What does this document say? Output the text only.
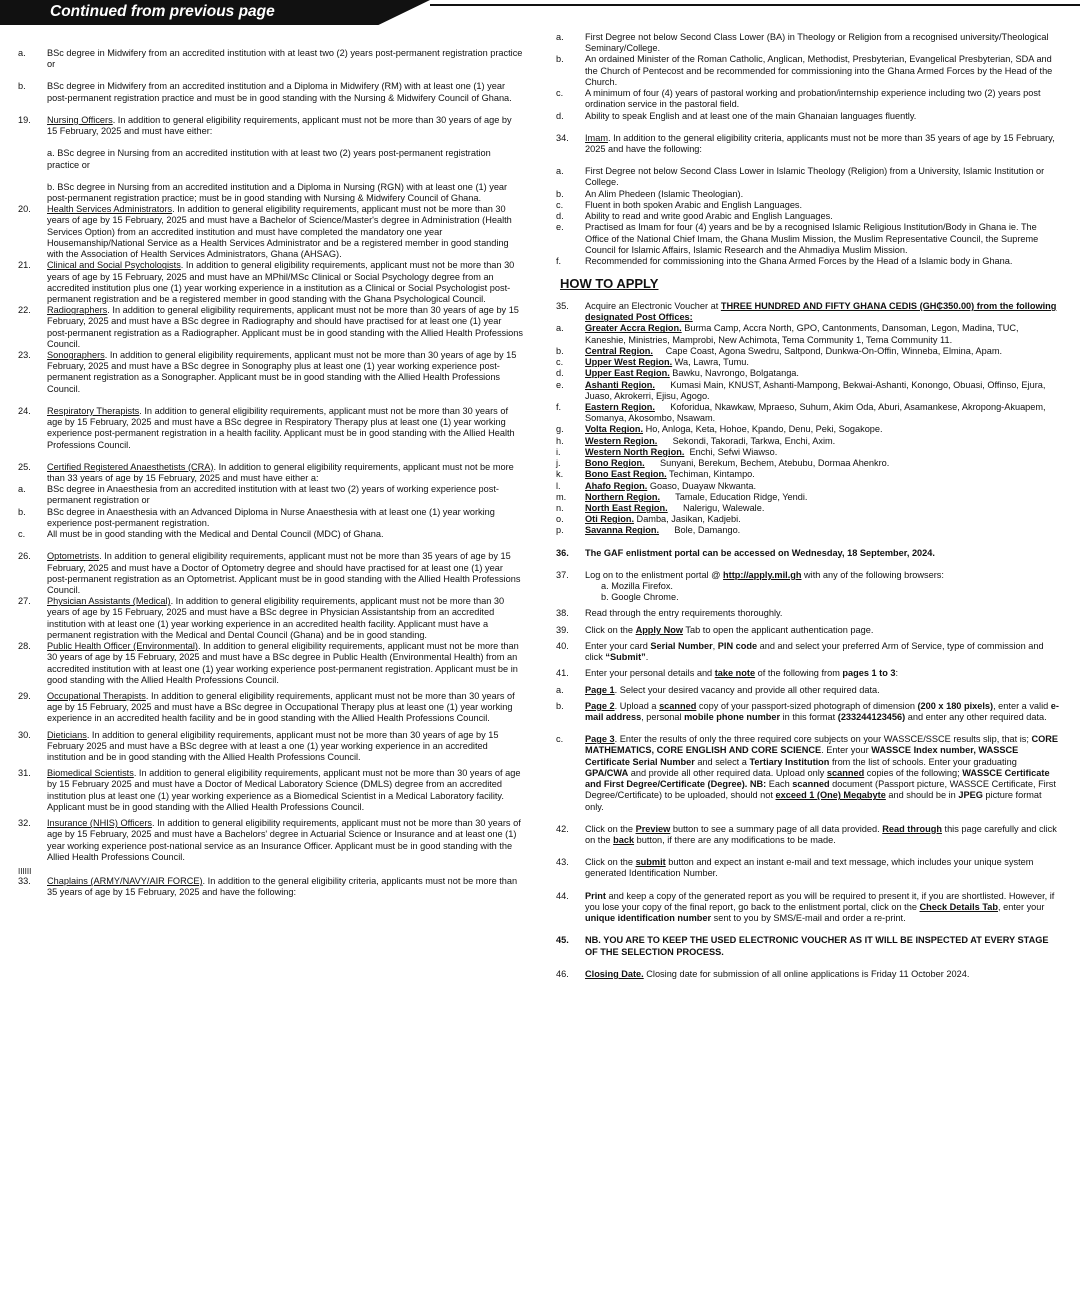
Continued from previous page
a.	BSc degree in Midwifery from an accredited institution with at least two (2) years post-permanent registration practice or
b.	BSc degree in Midwifery from an accredited institution and a Diploma in Midwifery (RM) with at least one (1) year post-permanent registration practice and must be in good standing with the Nursing & Midwifery Council of Ghana.
19.	Nursing Officers. In addition to general eligibility requirements, applicant must not be more than 30 years of age by 15 February, 2025 and must have either:
a. BSc degree in Nursing from an accredited institution with at least two (2) years post-permanent registration practice or
b. BSc degree in Nursing from an accredited institution and a Diploma in Nursing (RGN) with at least one (1) year post-permanent registration practice; must be in good standing with Nursing & Midwifery Council of Ghana.
20.	Health Services Administrators. In addition to general eligibility requirements, applicant must not be more than 30 years of age by 15 February, 2025 and must have a Bachelor of Science/Master's degree in Administration (Health Services Option) from an accredited institution and must have completed the mandatory one year Housemanship/National Service as a Health Services Administrator and be a registered member in good standing with the Association of Health Services Administrators, Ghana (AHSAG).
21.	Clinical and Social Psychologists. In addition to general eligibility requirements, applicant must not be more than 30 years of age by 15 February, 2025 and must have an MPhil/MSc Clinical or Social Psychology degree from an accredited institution plus one (1) year working experience in a institution as a Clinical or Social Psychologist post-permanent registration and be a registered member in good standing with the Ghana Psychological Council.
22.	Radiographers. In addition to general eligibility requirements, applicant must not be more than 30 years of age by 15 February, 2025 and must have a BSc degree in Radiography and should have practised for at least one (1) year post-permanent registration as a Radiographer. Applicant must be in good standing with the Allied Health Professions Council.
23.	Sonographers. In addition to general eligibility requirements, applicant must not be more than 30 years of age by 15 February, 2025 and must have a BSc degree in Sonography plus at least one (1) year working experience post-permanent registration as a Sonographer. Applicant must be in good standing with the Allied Health Professions Council.
24.	Respiratory Therapists. In addition to general eligibility requirements, applicant must not be more than 30 years of age by 15 February, 2025 and must have a BSc degree in Respiratory Therapy plus at least one (1) year working experience post-permanent registration in a health facility. Applicant must be in good standing with the Allied Health Professions Council.
25.	Certified Registered Anaesthetists (CRA). In addition to general eligibility requirements, applicant must not be more than 33 years of age by 15 February, 2025 and must have either a:
a.	BSc degree in Anaesthesia from an accredited institution with at least two (2) years of working experience post-permanent registration or
b.	BSc degree in Anaesthesia with an Advanced Diploma in Nurse Anaesthesia with at least one (1) year working experience post-permanent registration.
c.	All must be in good standing with the Medical and Dental Council (MDC) of Ghana.
26.	Optometrists. In addition to general eligibility requirements, applicant must not be more than 35 years of age by 15 February, 2025 and must have a Doctor of Optometry degree and should have practised for at least one (1) year post-permanent registration as an Optometrist. Applicant must be in good standing with the Allied Health Professions Council.
27.	Physician Assistants (Medical). In addition to general eligibility requirements, applicant must not be more than 30 years of age by 15 February, 2025 and must have a BSc degree in Physician Assistantship from an accredited institution with at least one (1) year working experience in an accredited health facility. Applicant must have a permanent registration with the Medical and Dental Council (Ghana) and be in good standing.
28.	Public Health Officer (Environmental). In addition to general eligibility requirements, applicant must not be more than 30 years of age by 15 February, 2025 and must have a BSc degree in Public Health (Environmental Health) from an accredited institution with at least one (1) year working experience post-permanent registration. Applicant must be in good standing with the Allied Health Professions Council.
29.	Occupational Therapists. In addition to general eligibility requirements, applicant must not be more than 30 years of age by 15 February, 2025 and must have a BSc degree in Occupational Therapy plus at least one (1) year working experience in an accredited health facility and be in good standing with the Allied Health Professions Council.
30.	Dieticians. In addition to general eligibility requirements, applicant must not be more than 30 years of age by 15 February 2025 and must have a BSc degree with at least a one (1) year working experience in an accredited institution and be in good standing with the Allied Health Professions Council.
31.	Biomedical Scientists. In addition to general eligibility requirements, applicant must not be more than 30 years of age by 15 February 2025 and must have a Doctor of Medical Laboratory Science (DMLS) degree from an accredited institution plus at least one (1) year working experience as a Biomedical Scientist in a Medical Laboratory facility. Applicant must be in good standing with the Allied Health Professions Council.
32.	Insurance (NHIS) Officers. In addition to general eligibility requirements, applicant must not be more than 30 years of age by 15 February, 2025 and must have a Bachelors' degree in Actuarial Science or Insurance and at least one (1) year working experience post-national service as an Insurance Officer. Applicant must be in good standing with the Allied Health Professions Council.
IIIIII
33.	Chaplains (ARMY/NAVY/AIR FORCE). In addition to the general eligibility criteria, applicants must not be more than 35 years of age by 15 February, 2025 and have the following:
a.	First Degree not below Second Class Lower (BA) in Theology or Religion from a recognised university/Theological Seminary/College.
b.	An ordained Minister of the Roman Catholic, Anglican, Methodist, Presbyterian, Evangelical Presbyterian, SDA and the Church of Pentecost and be recommended for commissioning into the Ghana Armed Forces by the Head of the Church.
c.	A minimum of four (4) years of pastoral working and probation/internship experience including two (2) years post ordination service in the pastoral field.
d.	Ability to speak English and at least one of the main Ghanaian languages fluently.
34.	Imam. In addition to the general eligibility criteria, applicants must not be more than 35 years of age by 15 February, 2025 and have the following:
a.	First Degree not below Second Class Lower in Islamic Theology (Religion) from a University, Islamic Institution or College.
b.	An Alim Phedeen (Islamic Theologian).
c.	Fluent in both spoken Arabic and English Languages.
d.	Ability to read and write good Arabic and English Languages.
e.	Practised as Imam for four (4) years and be by a recognised Islamic Religious Institution/Body in Ghana ie. The Office of the National Chief Imam, the Ghana Muslim Mission, the Muslim Representative Council, the Supreme Council for Islamic Affairs, Islamic Research and the Ahmadiya Muslim Mission.
f.	Recommended for commissioning into the Ghana Armed Forces by the Head of a Islamic body in Ghana.
HOW TO APPLY
35.	Acquire an Electronic Voucher at THREE HUNDRED AND FIFTY GHANA CEDIS (GH₵350.00) from the following designated Post Offices:
a.	Greater Accra Region. Burma Camp, Accra North, GPO, Cantonments, Dansoman, Legon, Madina, TUC, Kaneshie, Ministries, Mamprobi, New Achimota, Tema Community 1, Tema Community 11.
b.	Central Region.     Cape Coast, Agona Swedru, Saltpond, Dunkwa-On-Offin, Winneba, Elmina, Apam.
c.	Upper West Region. Wa, Lawra, Tumu.
d.	Upper East Region. Bawku, Navrongo, Bolgatanga.
e.	Ashanti Region.      Kumasi Main, KNUST, Ashanti-Mampong, Bekwai-Ashanti, Konongo, Obuasi, Offinso, Ejura, Juaso, Akrokerri, Ejisu, Agogo.
f.	Eastern Region.      Koforidua, Nkawkaw, Mpraeso, Suhum, Akim Oda, Aburi, Asamankese, Akropong-Akuapem, Somanya, Akosombo, Nsawam.
g.	Volta Region. Ho, Anloga, Keta, Hohoe, Kpando, Denu, Peki, Sogakope.
h.	Western Region.      Sekondi, Takoradi, Tarkwa, Enchi, Axim.
i.	Western North Region.  Enchi, Sefwi Wiawso.
j.	Bono Region.      Sunyani, Berekum, Bechem, Atebubu, Dormaa Ahenkro.
k.	Bono East Region. Techiman, Kintampo.
l.	Ahafo Region. Goaso, Duayaw Nkwanta.
m.	Northern Region.      Tamale, Education Ridge, Yendi.
n.	North East Region.      Nalerigu, Walewale.
o.	Oti Region. Damba, Jasikan, Kadjebi.
p.	Savanna Region.      Bole, Damango.
36.	The GAF enlistment portal can be accessed on Wednesday, 18 September, 2024.
37.	Log on to the enlistment portal @ http://apply.mil.gh with any of the following browsers:
a. Mozilla Firefox.
b. Google Chrome.
38.	Read through the entry requirements thoroughly.
39.	Click on the Apply Now Tab to open the applicant authentication page.
40.	Enter your card Serial Number, PIN code and and select your preferred Arm of Service, type of commission and click “Submit”.
41.	Enter your personal details and take note of the following from pages 1 to 3:
a.	Page 1. Select your desired vacancy and provide all other required data.
b.	Page 2. Upload a scanned copy of your passport-sized photograph of dimension (200 x 180 pixels), enter a valid e-mail address, personal mobile phone number in this format (233244123456) and enter any other required data.
c.	Page 3. Enter the results of only the three required core subjects on your WASSCE/SSCE results slip, that is; CORE MATHEMATICS, CORE ENGLISH AND CORE SCIENCE. Enter your WASSCE Index number, WASSCE Certificate Serial Number and select a Tertiary Institution from the list of schools. Enter your graduating GPA/CWA and provide all other required data. Upload only scanned copies of the following; WASSCE Certificate and First Degree/Certificate (Degree). NB: Each scanned document (Passport picture, WASSCE Certificate, First Degree/Certificate) to be uploaded, should not exceed 1 (One) Megabyte and should be in JPEG picture format only.
42.	Click on the Preview button to see a summary page of all data provided. Read through this page carefully and click on the back button, if there are any modifications to be made.
43.	Click on the submit button and expect an instant e-mail and text message, which includes your unique system generated Identification Number.
44.	Print and keep a copy of the generated report as you will be required to present it, if you are shortlisted. However, if you lose your copy of the final report, go back to the enlistment portal, click on the Check Details Tab, enter your unique identification number sent to you by SMS/E-mail and order a re-print.
45.	NB. YOU ARE TO KEEP THE USED ELECTRONIC VOUCHER AS IT WILL BE INSPECTED AT EVERY STAGE OF THE SELECTION PROCESS.
46.	Closing Date. Closing date for submission of all online applications is Friday 11 October 2024.
